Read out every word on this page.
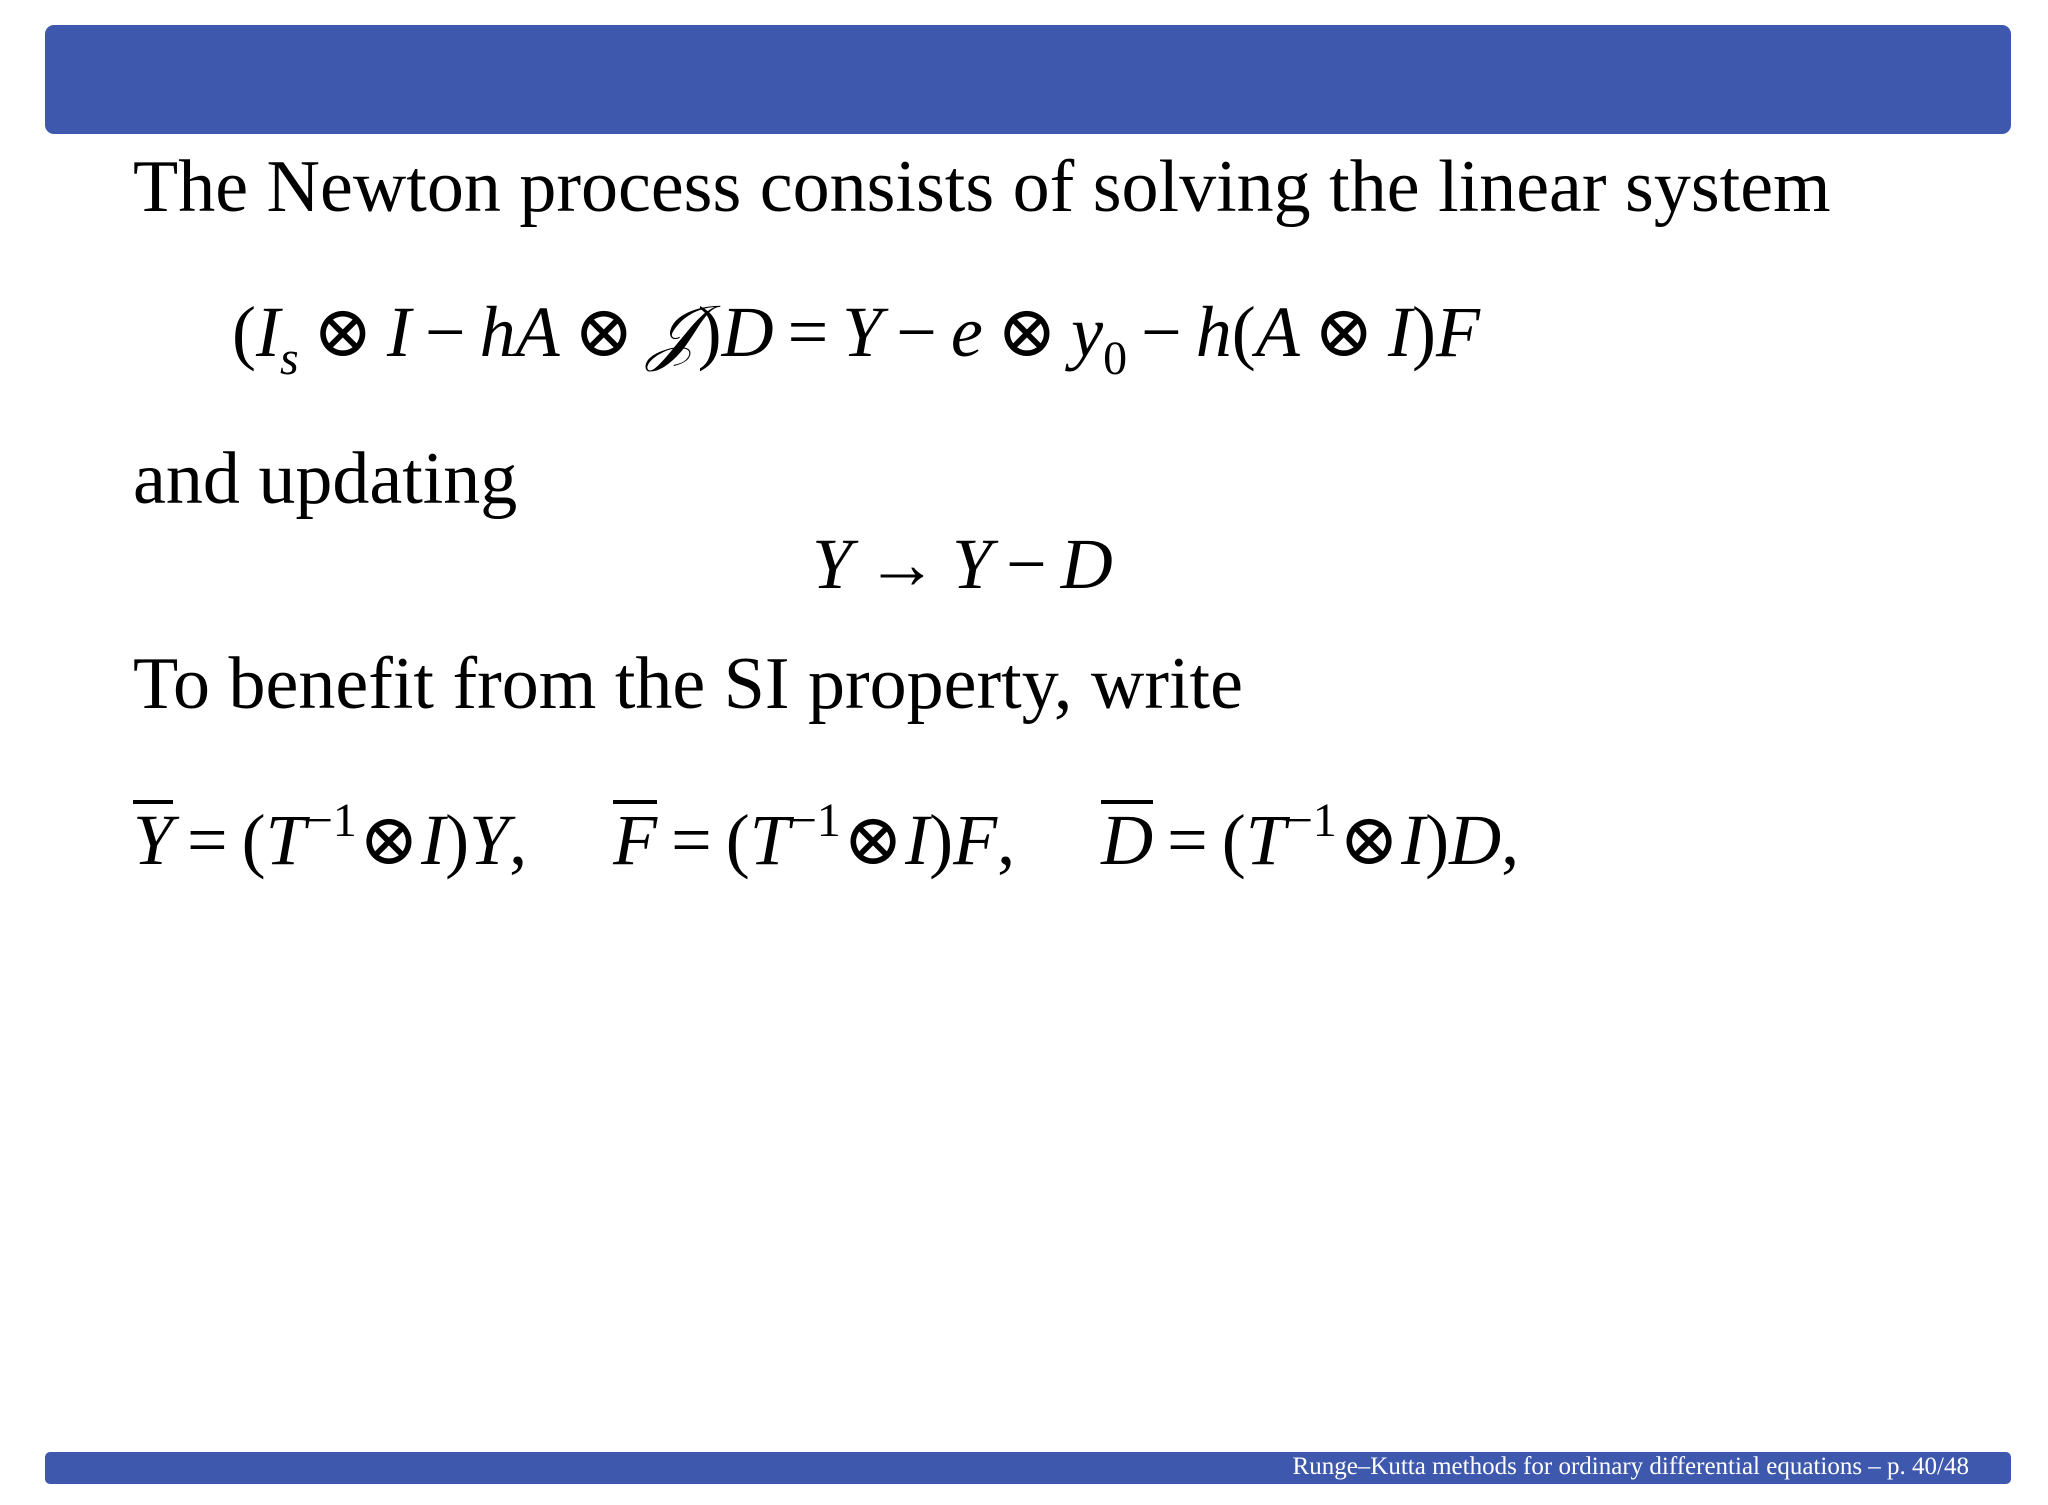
The Newton process consists of solving the linear system
($I_s$ ⊗ I − hA ⊗ 𝒥)D = Y − e ⊗ $y_0 - h(A$ ⊗ I)F
and updating
Y → Y − D
To benefit from the SI property, write
$Y = (T^{-1}\otimes I)Y$, $F = (T^{-1}\otimes I)F$, $D = (T^{-1}\otimes I)D$,
Runge–Kutta methods for ordinary differential equations – p. 40/48
